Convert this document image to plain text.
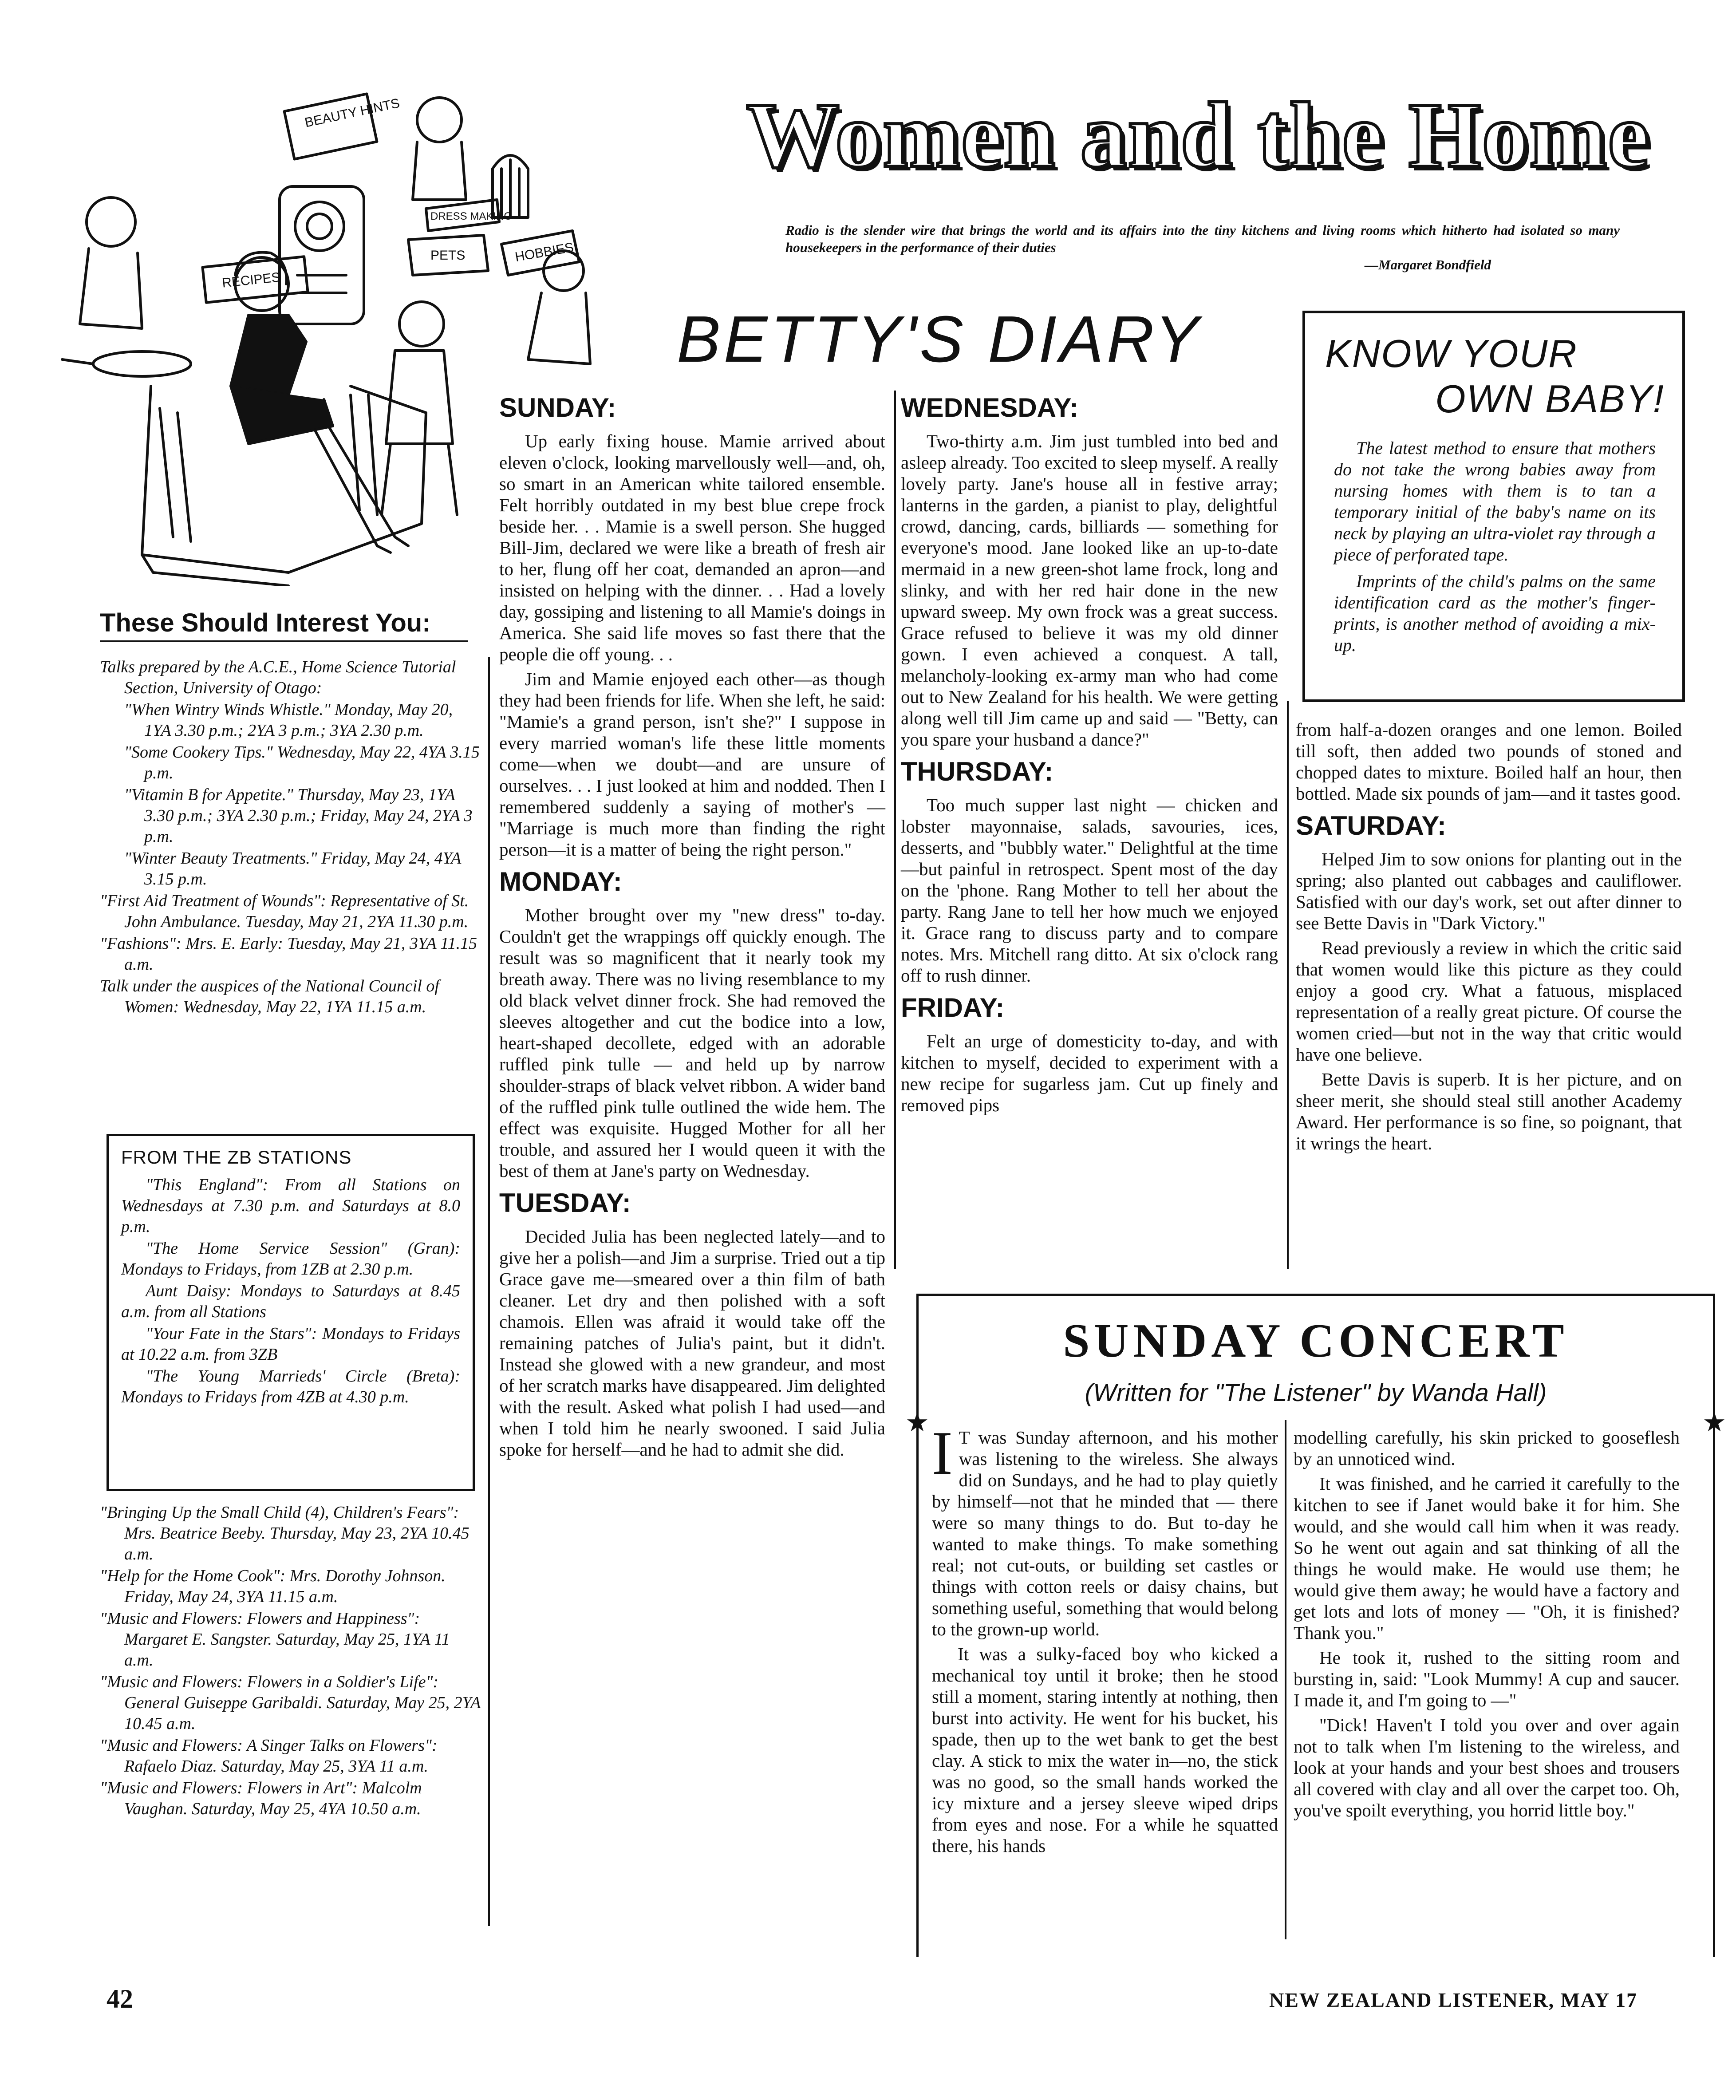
Women and the Home
Radio is the slender wire that brings the world and its affairs into the tiny kitchens and living rooms which hitherto had isolated so many housekeepers in the performance of their duties
—Margaret Bondfield
BEAUTY HINTS
DRESS MAKING
RECIPES
PETS	HOBBIES
These Should Interest You:

Talks prepared by the A.C.E., Home Science Tutorial Section, University of Otago:

"When Wintry Winds Whistle." Monday, May 20, 1YA 3.30 p.m.; 2YA 3 p.m.; 3YA 2.30 p.m.

"Some Cookery Tips." Wednesday, May 22, 4YA 3.15 p.m.

"Vitamin B for Appetite." Thursday, May 23, 1YA 3.30 p.m.; 3YA 2.30 p.m.; Friday, May 24, 2YA 3 p.m.

"Winter Beauty Treatments." Friday, May 24, 4YA 3.15 p.m.

"First Aid Treatment of Wounds": Representative of St. John Ambulance. Tuesday, May 21, 2YA 11.30 p.m.

"Fashions": Mrs. E. Early: Tuesday, May 21, 3YA 11.15 a.m.

Talk under the auspices of the National Council of Women: Wednesday, May 22, 1YA 11.15 a.m.

FROM THE ZB STATIONS

"This England": From all Stations on Wednesdays at 7.30 p.m. and Saturdays at 8.0 p.m.

"The Home Service Session" (Gran): Mondays to Fridays, from 1ZB at 2.30 p.m.

Aunt Daisy: Mondays to Saturdays at 8.45 a.m. from all Stations

"Your Fate in the Stars": Mondays to Fridays at 10.22 a.m. from 3ZB

"The Young Marrieds' Circle (Breta): Mondays to Fridays from 4ZB at 4.30 p.m.

"Bringing Up the Small Child (4), Children's Fears": Mrs. Beatrice Beeby. Thursday, May 23, 2YA 10.45 a.m.

"Help for the Home Cook": Mrs. Dorothy Johnson. Friday, May 24, 3YA 11.15 a.m.

"Music and Flowers: Flowers and Happiness": Margaret E. Sangster. Saturday, May 25, 1YA 11 a.m.

"Music and Flowers: Flowers in a Soldier's Life": General Guiseppe Garibaldi. Saturday, May 25, 2YA 10.45 a.m.

"Music and Flowers: A Singer Talks on Flowers": Rafaelo Diaz. Saturday, May 25, 3YA 11 a.m.

"Music and Flowers: Flowers in Art": Malcolm Vaughan. Saturday, May 25, 4YA 10.50 a.m.

BETTY'S DIARY
SUNDAY:

Up early fixing house. Mamie arrived about eleven o'clock, looking marvellously well—and, oh, so smart in an American white tailored ensemble. Felt horribly outdated in my best blue crepe frock beside her. . . Mamie is a swell person. She hugged Bill-Jim, declared we were like a breath of fresh air to her, flung off her coat, demanded an apron—and insisted on helping with the dinner. . . Had a lovely day, gossiping and listening to all Mamie's doings in America. She said life moves so fast there that the people die off young. . .

Jim and Mamie enjoyed each other—as though they had been friends for life. When she left, he said: "Mamie's a grand person, isn't she?" I suppose in every married woman's life these little moments come—when we doubt—and are unsure of ourselves. . . I just looked at him and nodded. Then I remembered suddenly a saying of mother's — "Marriage is much more than finding the right person—it is a matter of being the right person."

MONDAY:

Mother brought over my "new dress" to-day. Couldn't get the wrappings off quickly enough. The result was so magnificent that it nearly took my breath away. There was no living resemblance to my old black velvet dinner frock. She had removed the sleeves altogether and cut the bodice into a low, heart-shaped decollete, edged with an adorable ruffled pink tulle — and held up by narrow shoulder-straps of black velvet ribbon. A wider band of the ruffled pink tulle outlined the wide hem. The effect was exquisite. Hugged Mother for all her trouble, and assured her I would queen it with the best of them at Jane's party on Wednesday.

TUESDAY:

Decided Julia has been neglected lately—and to give her a polish—and Jim a surprise. Tried out a tip Grace gave me—smeared over a thin film of bath cleaner. Let dry and then polished with a soft chamois. Ellen was afraid it would take off the remaining patches of Julia's paint, but it didn't. Instead she glowed with a new grandeur, and most of her scratch marks have disappeared. Jim delighted with the result. Asked what polish I had used—and when I told him he nearly swooned. I said Julia spoke for herself—and he had to admit she did.

WEDNESDAY:

Two-thirty a.m. Jim just tumbled into bed and asleep already. Too excited to sleep myself. A really lovely party. Jane's house all in festive array; lanterns in the garden, a pianist to play, delightful crowd, dancing, cards, billiards — something for everyone's mood. Jane looked like an up-to-date mermaid in a new green-shot lame frock, long and slinky, and with her red hair done in the new upward sweep. My own frock was a great success. Grace refused to believe it was my old dinner gown. I even achieved a conquest. A tall, melancholy-looking ex-army man who had come out to New Zealand for his health. We were getting along well till Jim came up and said — "Betty, can you spare your husband a dance?"

THURSDAY:

Too much supper last night — chicken and lobster mayonnaise, salads, savouries, ices, desserts, and "bubbly water." Delightful at the time—but painful in retrospect. Spent most of the day on the 'phone. Rang Mother to tell her about the party. Rang Jane to tell her how much we enjoyed it. Grace rang to discuss party and to compare notes. Mrs. Mitchell rang ditto. At six o'clock rang off to rush dinner.

FRIDAY:

Felt an urge of domesticity to-day, and with kitchen to myself, decided to experiment with a new recipe for sugarless jam. Cut up finely and removed pips

from half-a-dozen oranges and one lemon. Boiled till soft, then added two pounds of stoned and chopped dates to mixture. Boiled half an hour, then bottled. Made six pounds of jam—and it tastes good.

SATURDAY:

Helped Jim to sow onions for planting out in the spring; also planted out cabbages and cauliflower. Satisfied with our day's work, set out after dinner to see Bette Davis in "Dark Victory."

Read previously a review in which the critic said that women would like this picture as they could enjoy a good cry. What a fatuous, misplaced representation of a really great picture. Of course the women cried—but not in the way that critic would have one believe.

Bette Davis is superb. It is her picture, and on sheer merit, she should steal still another Academy Award. Her performance is so fine, so poignant, that it wrings the heart.

KNOW YOUR
OWN BABY!

The latest method to ensure that mothers do not take the wrong babies away from nursing homes with them is to tan a temporary initial of the baby's name on its neck by playing an ultra-violet ray through a piece of perforated tape.

Imprints of the child's palms on the same identification card as the mother's finger-prints, is another method of avoiding a mix-up.

SUNDAY CONCERT
(Written for "The Listener" by Wanda Hall)
★	★

I T was Sunday afternoon, and his mother was listening to the wireless. She always did on Sundays, and he had to play quietly by himself—not that he minded that — there were so many things to do. But to-day he wanted to make things. To make something real; not cut-outs, or building set castles or things with cotton reels or daisy chains, but something useful, something that would belong to the grown-up world.

It was a sulky-faced boy who kicked a mechanical toy until it broke; then he stood still a moment, staring intently at nothing, then burst into activity. He went for his bucket, his spade, then up to the wet bank to get the best clay. A stick to mix the water in—no, the stick was no good, so the small hands worked the icy mixture and a jersey sleeve wiped drips from eyes and nose. For a while he squatted there, his hands

modelling carefully, his skin pricked to gooseflesh by an unnoticed wind.

It was finished, and he carried it carefully to the kitchen to see if Janet would bake it for him. She would, and she would call him when it was ready. So he went out again and sat thinking of all the things he would make. He would use them; he would give them away; he would have a factory and get lots and lots of money — "Oh, it is finished? Thank you."

He took it, rushed to the sitting room and bursting in, said: "Look Mummy! A cup and saucer. I made it, and I'm going to —"

"Dick! Haven't I told you over and over again not to talk when I'm listening to the wireless, and look at your hands and your best shoes and trousers all covered with clay and all over the carpet too. Oh, you've spoilt everything, you horrid little boy."

42	NEW ZEALAND LISTENER, MAY 17
